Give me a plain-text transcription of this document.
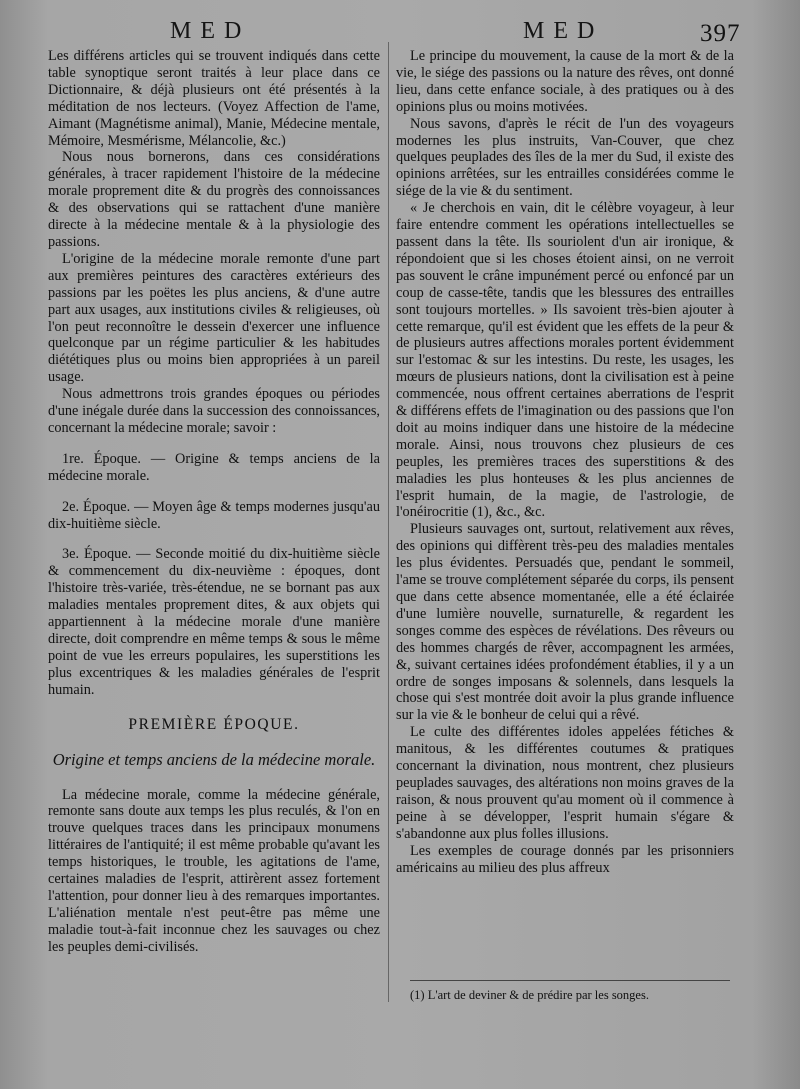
MED	MED	397

Les différens articles qui se trouvent indiqués dans cette table synoptique seront traités à leur place dans ce Dictionnaire, & déjà plusieurs ont été présentés à la méditation de nos lecteurs. (Voyez Affection de l'ame, Aimant (Magnétisme animal), Manie, Médecine mentale, Mémoire, Mesmérisme, Mélancolie, &c.)

Nous nous bornerons, dans ces considérations générales, à tracer rapidement l'histoire de la médecine morale proprement dite & du progrès des connoissances & des observations qui se rattachent d'une manière directe à la médecine mentale & à la physiologie des passions.

L'origine de la médecine morale remonte d'une part aux premières peintures des caractères extérieurs des passions par les poëtes les plus anciens, & d'une autre part aux usages, aux institutions civiles & religieuses, où l'on peut reconnoître le dessein d'exercer une influence quelconque par un régime particulier & les habitudes diététiques plus ou moins bien appropriées à un pareil usage.

Nous admettrons trois grandes époques ou périodes d'une inégale durée dans la succession des connoissances, concernant la médecine morale; savoir :

1re. Époque. — Origine & temps anciens de la médecine morale.

2e. Époque. — Moyen âge & temps modernes jusqu'au dix-huitième siècle.

3e. Époque. — Seconde moitié du dix-huitième siècle & commencement du dix-neuvième : époques, dont l'histoire très-variée, très-étendue, ne se bornant pas aux maladies mentales proprement dites, & aux objets qui appartiennent à la médecine morale d'une manière directe, doit comprendre en même temps & sous le même point de vue les erreurs populaires, les superstitions les plus excentriques & les maladies générales de l'esprit humain.

PREMIÈRE ÉPOQUE.
Origine et temps anciens de la médecine morale.

La médecine morale, comme la médecine générale, remonte sans doute aux temps les plus reculés, & l'on en trouve quelques traces dans les principaux monumens littéraires de l'antiquité; il est même probable qu'avant les temps historiques, le trouble, les agitations de l'ame, certaines maladies de l'esprit, attirèrent assez fortement l'attention, pour donner lieu à des remarques importantes. L'aliénation mentale n'est peut-être pas même une maladie tout-à-fait inconnue chez les sauvages ou chez les peuples demi-civilisés.

Le principe du mouvement, la cause de la mort & de la vie, le siége des passions ou la nature des rêves, ont donné lieu, dans cette enfance sociale, à des pratiques ou à des opinions plus ou moins motivées.

Nous savons, d'après le récit de l'un des voyageurs modernes les plus instruits, Van-Couver, que chez quelques peuplades des îles de la mer du Sud, il existe des opinions arrêtées, sur les entrailles considérées comme le siége de la vie & du sentiment.

« Je cherchois en vain, dit le célèbre voyageur, à leur faire entendre comment les opérations intellectuelles se passent dans la tête. Ils souriolent d'un air ironique, & répondoient que si les choses étoient ainsi, on ne verroit pas souvent le crâne impunément percé ou enfoncé par un coup de casse-tête, tandis que les blessures des entrailles sont toujours mortelles. » Ils savoient très-bien ajouter à cette remarque, qu'il est évident que les effets de la peur & de plusieurs autres affections morales portent évidemment sur l'estomac & sur les intestins. Du reste, les usages, les mœurs de plusieurs nations, dont la civilisation est à peine commencée, nous offrent certaines aberrations de l'esprit & différens effets de l'imagination ou des passions que l'on doit au moins indiquer dans une histoire de la médecine morale. Ainsi, nous trouvons chez plusieurs de ces peuples, les premières traces des superstitions & des maladies les plus honteuses & les plus anciennes de l'esprit humain, de la magie, de l'astrologie, de l'onéirocritie (1), &c., &c.

Plusieurs sauvages ont, surtout, relativement aux rêves, des opinions qui diffèrent très-peu des maladies mentales les plus évidentes. Persuadés que, pendant le sommeil, l'ame se trouve complétement séparée du corps, ils pensent que dans cette absence momentanée, elle a été éclairée d'une lumière nouvelle, surnaturelle, & regardent les songes comme des espèces de révélations. Des rêveurs ou des hommes chargés de rêver, accompagnent les armées, &, suivant certaines idées profondément établies, il y a un ordre de songes imposans & solennels, dans lesquels la chose qui s'est montrée doit avoir la plus grande influence sur la vie & le bonheur de celui qui a rêvé.

Le culte des différentes idoles appelées fétiches & manitous, & les différentes coutumes & pratiques concernant la divination, nous montrent, chez plusieurs peuplades sauvages, des altérations non moins graves de la raison, & nous prouvent qu'au moment où il commence à peine à se développer, l'esprit humain s'égare & s'abandonne aux plus folles illusions.

Les exemples de courage donnés par les prisonniers américains au milieu des plus affreux

(1) L'art de deviner & de prédire par les songes.
